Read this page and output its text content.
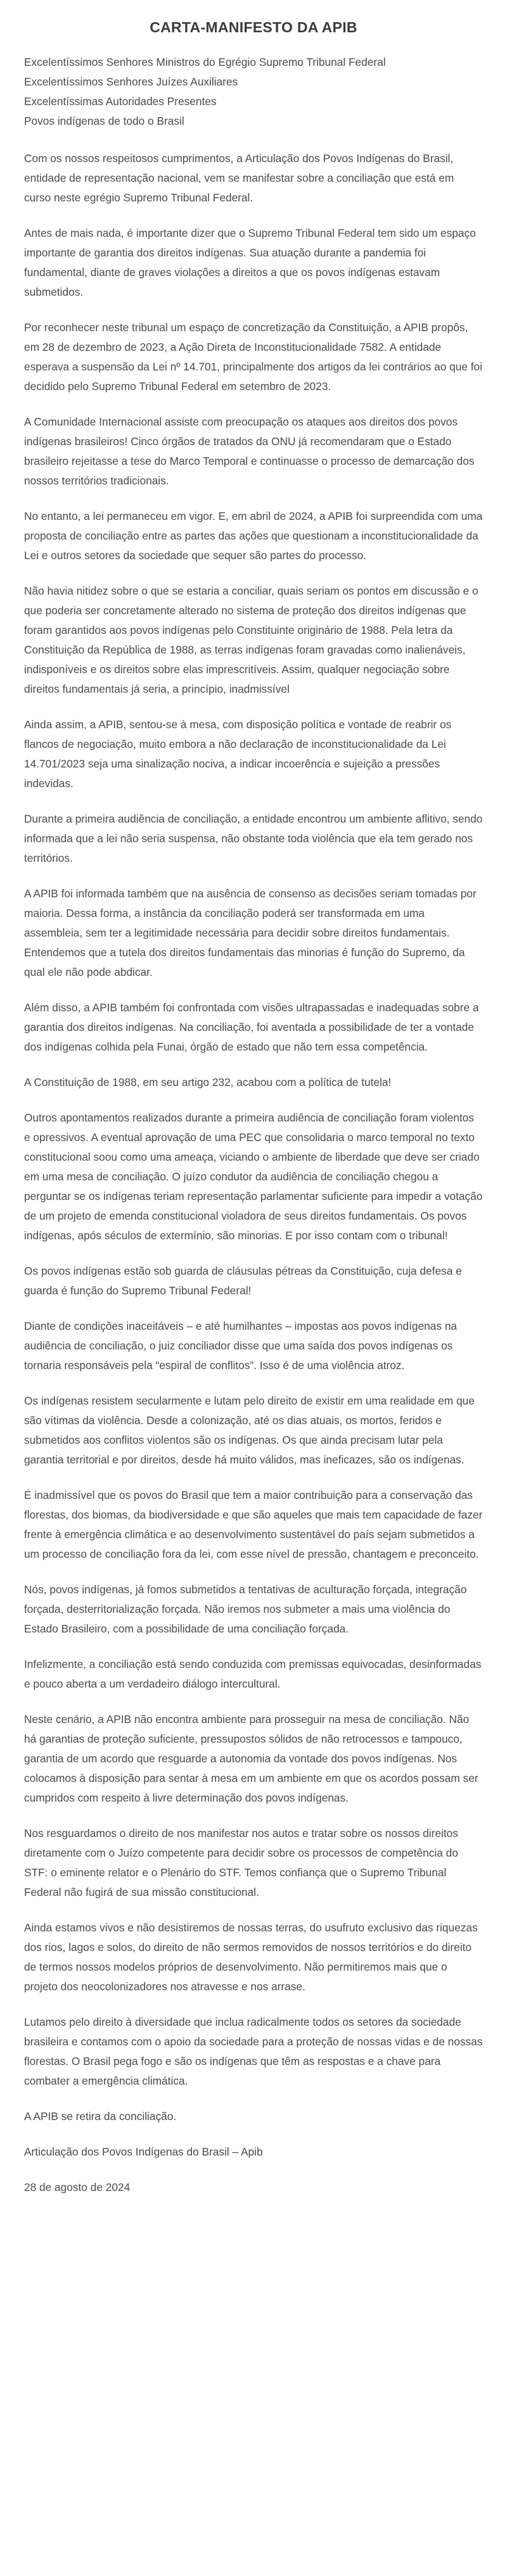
CARTA-MANIFESTO DA APIB
Excelentíssimos Senhores Ministros do Egrégio Supremo Tribunal Federal
Excelentíssimos Senhores Juízes Auxiliares
Excelentíssimas Autoridades Presentes
Povos indígenas de todo o Brasil

Com os nossos respeitosos cumprimentos, a Articulação dos Povos Indígenas do Brasil, entidade de representação nacional, vem se manifestar sobre a conciliação que está em curso neste egrégio Supremo Tribunal Federal.

Antes de mais nada, é importante dizer que o Supremo Tribunal Federal tem sido um espaço importante de garantia dos direitos indígenas. Sua atuação durante a pandemia foi fundamental, diante de graves violações a direitos a que os povos indígenas estavam submetidos.

Por reconhecer neste tribunal um espaço de concretização da Constituição, a APIB propôs, em 28 de dezembro de 2023, a Ação Direta de Inconstitucionalidade 7582. A entidade esperava a suspensão da Lei nº 14.701, principalmente dos artigos da lei contrários ao que foi decidido pelo Supremo Tribunal Federal em setembro de 2023.

A Comunidade Internacional assiste com preocupação os ataques aos direitos dos povos indígenas brasileiros! Cinco órgãos de tratados da ONU já recomendaram que o Estado brasileiro rejeitasse a tese do Marco Temporal e continuasse o processo de demarcação dos nossos territórios tradicionais.

No entanto, a lei permaneceu em vigor. E, em abril de 2024, a APIB foi surpreendida com uma proposta de conciliação entre as partes das ações que questionam a inconstitucionalidade da Lei e outros setores da sociedade que sequer são partes do processo.

Não havia nitidez sobre o que se estaria a conciliar, quais seriam os pontos em discussão e o que poderia ser concretamente alterado no sistema de proteção dos direitos indígenas que foram garantidos aos povos indígenas pelo Constituinte originário de 1988. Pela letra da Constituição da República de 1988, as terras indígenas foram gravadas como inalienáveis, indisponíveis e os direitos sobre elas imprescritíveis. Assim, qualquer negociação sobre direitos fundamentais já seria, a princípio, inadmissível

Ainda assim, a APIB, sentou-se à mesa, com disposição política e vontade de reabrir os flancos de negociação, muito embora a não declaração de inconstitucionalidade da Lei 14.701/2023 seja uma sinalização nociva, a indicar incoerência e sujeição a pressões indevidas.

Durante a primeira audiência de conciliação, a entidade encontrou um ambiente aflitivo, sendo informada que a lei não seria suspensa, não obstante toda violência que ela tem gerado nos territórios.

A APIB foi informada também que na ausência de consenso as decisões seriam tomadas por maioria. Dessa forma, a instância da conciliação poderá ser transformada em uma assembleia, sem ter a legitimidade necessária para decidir sobre direitos fundamentais. Entendemos que a tutela dos direitos fundamentais das minorias é função do Supremo, da qual ele não pode abdicar.

Além disso, a APIB também foi confrontada com visões ultrapassadas e inadequadas sobre a garantia dos direitos indígenas. Na conciliação, foi aventada a possibilidade de ter a vontade dos indígenas colhida pela Funai, órgão de estado que não tem essa competência.

A Constituição de 1988, em seu artigo 232, acabou com a política de tutela!

Outros apontamentos realizados durante a primeira audiência de conciliação foram violentos e opressivos. A eventual aprovação de uma PEC que consolidaria o marco temporal no texto constitucional soou como uma ameaça, viciando o ambiente de liberdade que deve ser criado em uma mesa de conciliação. O juízo condutor da audiência de conciliação chegou a perguntar se os indígenas teriam representação parlamentar suficiente para impedir a votação de um projeto de emenda constitucional violadora de seus direitos fundamentais. Os povos indígenas, após séculos de extermínio, são minorias. E por isso contam com o tribunal!

Os povos indígenas estão sob guarda de cláusulas pétreas da Constituição, cuja defesa e guarda é função do Supremo Tribunal Federal!

Diante de condições inaceitáveis – e até humilhantes – impostas aos povos indígenas na audiência de conciliação, o juiz conciliador disse que uma saída dos povos indígenas os tornaria responsáveis pela “espiral de conflitos”. Isso é de uma violência atroz.

Os indígenas resistem secularmente e lutam pelo direito de existir em uma realidade em que são vítimas da violência. Desde a colonização, até os dias atuais, os mortos, feridos e submetidos aos conflitos violentos são os indígenas. Os que ainda precisam lutar pela garantia territorial e por direitos, desde há muito válidos, mas ineficazes, são os indígenas.

É inadmissível que os povos do Brasil que tem a maior contribuição para a conservação das florestas, dos biomas, da biodiversidade e que são aqueles que mais tem capacidade de fazer frente à emergência climática e ao desenvolvimento sustentável do país sejam submetidos a um processo de conciliação fora da lei, com esse nível de pressão, chantagem e preconceito.

Nós, povos indígenas, já fomos submetidos a tentativas de aculturação forçada, integração forçada, desterritorialização forçada. Não iremos nos submeter a mais uma violência do Estado Brasileiro, com a possibilidade de uma conciliação forçada.

Infelizmente, a conciliação está sendo conduzida com premissas equivocadas, desinformadas e pouco aberta a um verdadeiro diálogo intercultural.

Neste cenário, a APIB não encontra ambiente para prosseguir na mesa de conciliação. Não há garantias de proteção suficiente, pressupostos sólidos de não retrocessos e tampouco, garantia de um acordo que resguarde a autonomia da vontade dos povos indígenas. Nos colocamos à disposição para sentar à mesa em um ambiente em que os acordos possam ser cumpridos com respeito à livre determinação dos povos indígenas.

Nos resguardamos o direito de nos manifestar nos autos e tratar sobre os nossos direitos diretamente com o Juízo competente para decidir sobre os processos de competência do STF: o eminente relator e o Plenário do STF. Temos confiança que o Supremo Tribunal Federal não fugirá de sua missão constitucional.

Ainda estamos vivos e não desistiremos de nossas terras, do usufruto exclusivo das riquezas dos rios, lagos e solos, do direito de não sermos removidos de nossos territórios e do direito de termos nossos modelos próprios de desenvolvimento. Não permitiremos mais que o projeto dos neocolonizadores nos atravesse e nos arrase.

Lutamos pelo direito à diversidade que inclua radicalmente todos os setores da sociedade brasileira e contamos com o apoio da sociedade para a proteção de nossas vidas e de nossas florestas. O Brasil pega fogo e são os indígenas que têm as respostas e a chave para combater a emergência climática.

A APIB se retira da conciliação.

Articulação dos Povos Indígenas do Brasil – Apib

28 de agosto de 2024
